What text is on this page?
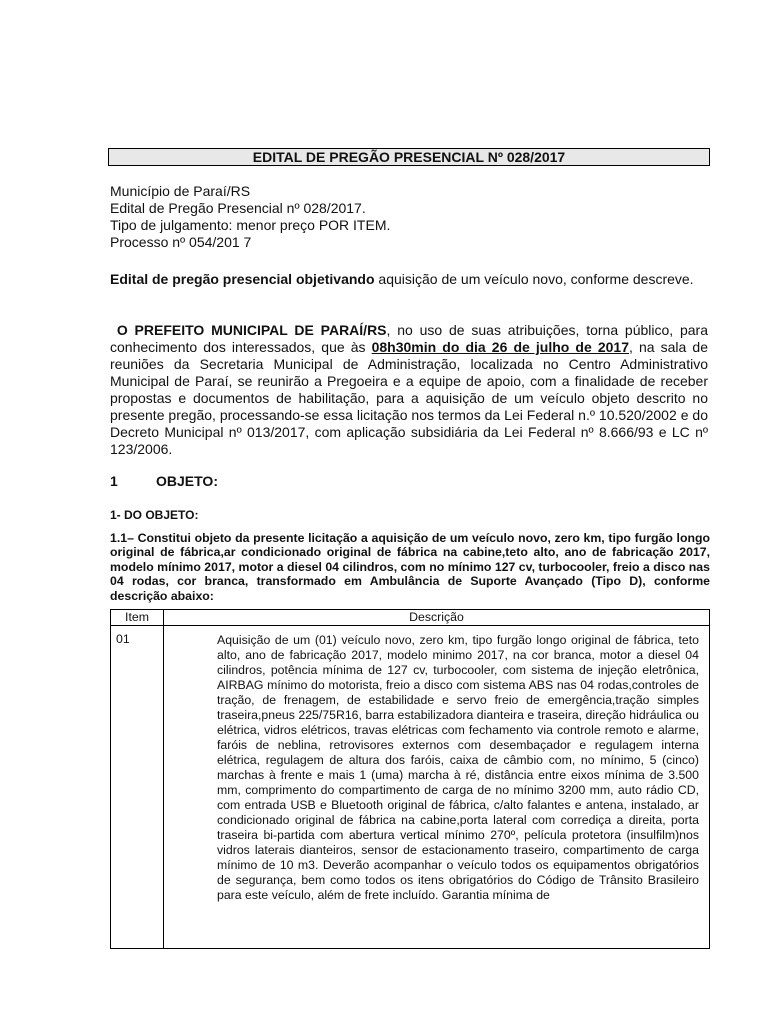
EDITAL DE PREGÃO PRESENCIAL Nº 028/2017
Município de Paraí/RS
Edital de Pregão Presencial nº 028/2017.
Tipo de julgamento: menor preço POR ITEM.
Processo nº 054/201 7
Edital de pregão presencial objetivando aquisição de um veículo novo, conforme descreve.
O PREFEITO MUNICIPAL DE PARAÍ/RS, no uso de suas atribuições, torna público, para conhecimento dos interessados, que às 08h30min do dia 26 de julho de 2017, na sala de reuniões da Secretaria Municipal de Administração, localizada no Centro Administrativo Municipal de Paraí, se reunirão a Pregoeira e a equipe de apoio, com a finalidade de receber propostas e documentos de habilitação, para a aquisição de um veículo objeto descrito no presente pregão, processando-se essa licitação nos termos da Lei Federal n.º 10.520/2002 e do Decreto Municipal nº 013/2017, com aplicação subsidiária da Lei Federal nº 8.666/93 e LC nº 123/2006.
1	OBJETO:
1- DO OBJETO:
1.1– Constitui objeto da presente licitação a aquisição de um veículo novo, zero km, tipo furgão longo original de fábrica,ar condicionado original de fábrica na cabine,teto alto, ano de fabricação 2017, modelo mínimo 2017, motor a diesel 04 cilindros, com no mínimo 127 cv, turbocooler, freio a disco nas 04 rodas, cor branca, transformado em Ambulância de Suporte Avançado (Tipo D), conforme descrição abaixo:
Item	Descrição
01	Aquisição de um (01) veículo novo, zero km, tipo furgão longo original de fábrica, teto alto, ano de fabricação 2017, modelo minimo 2017, na cor branca, motor a diesel 04 cilindros, potência mínima de 127 cv, turbocooler, com sistema de injeção eletrônica, AIRBAG mínimo do motorista, freio a disco com sistema ABS nas 04 rodas,controles de tração, de frenagem, de estabilidade e servo freio de emergência,tração simples traseira,pneus 225/75R16, barra estabilizadora dianteira e traseira, direção hidráulica ou elétrica, vidros elétricos, travas elétricas com fechamento via controle remoto e alarme, faróis de neblina, retrovisores externos com desembaçador e regulagem interna elétrica, regulagem de altura dos faróis, caixa de câmbio com, no mínimo, 5 (cinco) marchas à frente e mais 1 (uma) marcha à ré, distância entre eixos mínima de 3.500 mm, comprimento do compartimento de carga de no mínimo 3200 mm, auto rádio CD, com entrada USB e Bluetooth original de fábrica, c/alto falantes e antena, instalado, ar condicionado original de fábrica na cabine,porta lateral com corrediça a direita, porta traseira bi-partida com abertura vertical mínimo 270º, película protetora (insulfilm)nos vidros laterais dianteiros, sensor de estacionamento traseiro, compartimento de carga mínimo de 10 m3. Deverão acompanhar o veículo todos os equipamentos obrigatórios de segurança, bem como todos os itens obrigatórios do Código de Trânsito Brasileiro para este veículo, além de frete incluído. Garantia mínima de
